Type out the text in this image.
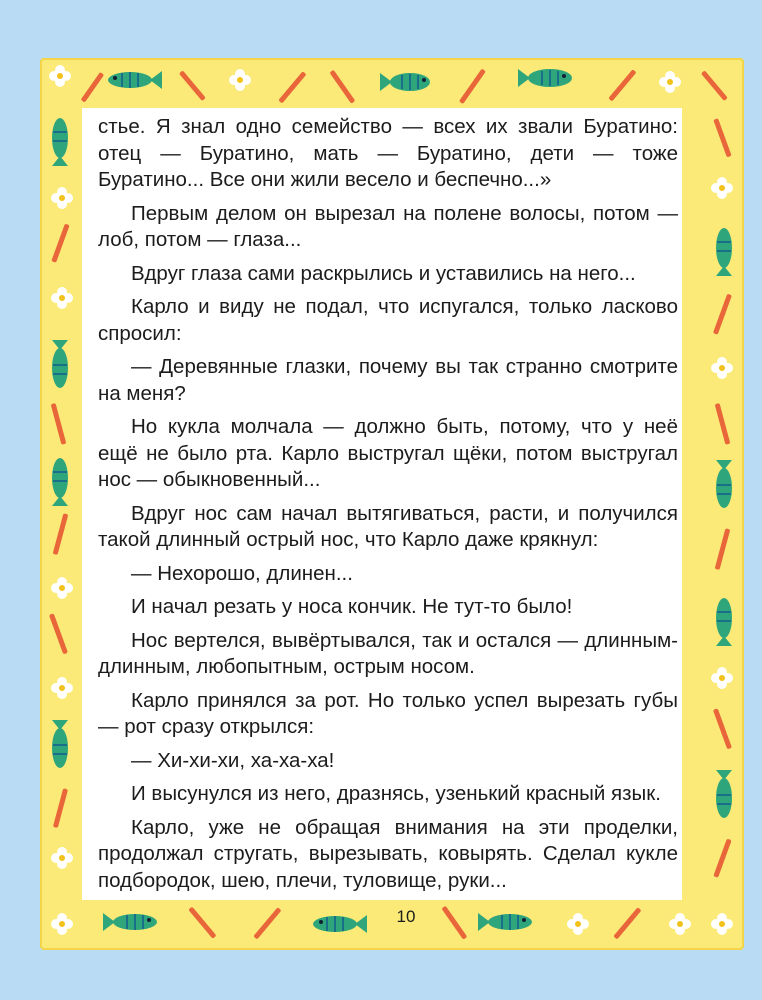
стье. Я знал одно семейство — всех их звали Буратино: отец — Буратино, мать — Буратино, дети — тоже Буратино... Все они жили весело и беспечно...»

Первым делом он вырезал на полене волосы, потом — лоб, потом — глаза...

Вдруг глаза сами раскрылись и уставились на него...

Карло и виду не подал, что испугался, только ласково спросил:

— Деревянные глазки, почему вы так странно смотрите на меня?

Но кукла молчала — должно быть, потому, что у неё ещё не было рта. Карло выстругал щёки, потом выстругал нос — обыкновенный...

Вдруг нос сам начал вытягиваться, расти, и получился такой длинный острый нос, что Карло даже крякнул:

— Нехорошо, длинен...

И начал резать у носа кончик. Не тут-то было!

Нос вертелся, вывёртывался, так и остался — длинным-длинным, любопытным, острым носом.

Карло принялся за рот. Но только успел вырезать губы — рот сразу открылся:

— Хи-хи-хи, ха-ха-ха!

И высунулся из него, дразнясь, узенький красный язык.

Карло, уже не обращая внимания на эти проделки, продолжал стругать, вырезывать, ковырять. Сделал кукле подбородок, шею, плечи, туловище, руки...

10
